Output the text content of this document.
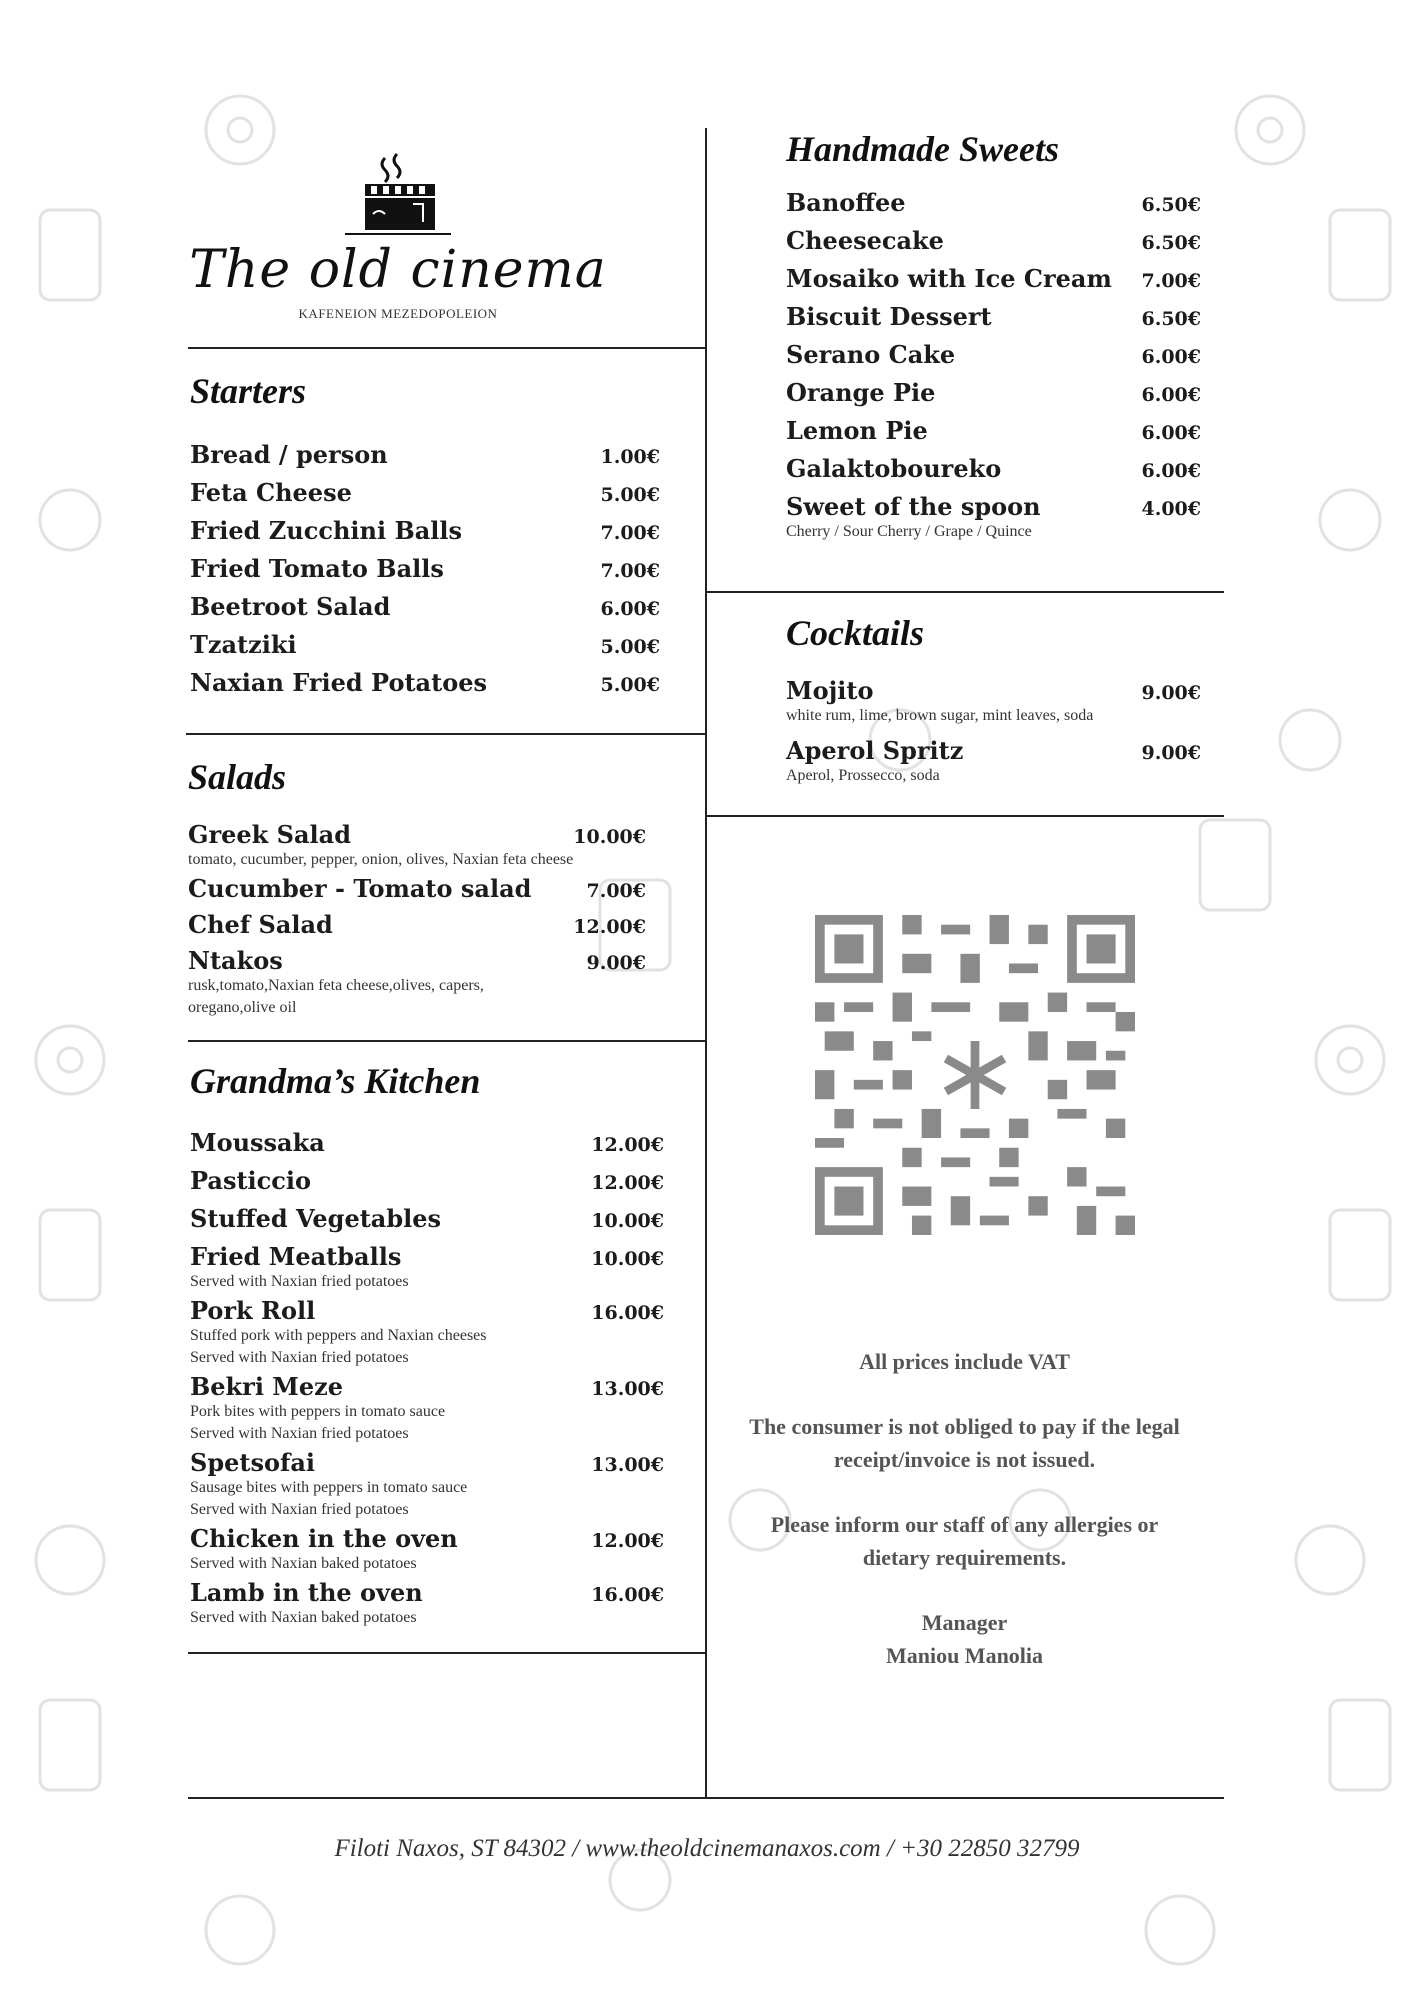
The old cinema
KAFENEION MEZEDOPOLEION
Starters
Bread / person	1.00€
Feta Cheese	5.00€
Fried Zucchini Balls	7.00€
Fried Tomato Balls	7.00€
Beetroot Salad	6.00€
Tzatziki	5.00€
Naxian Fried Potatoes	5.00€
Salads
Greek Salad	10.00€
tomato, cucumber, pepper, onion, olives, Naxian feta cheese
Cucumber - Tomato salad	7.00€
Chef Salad	12.00€
Ntakos	9.00€
rusk,tomato,Naxian feta cheese,olives, capers,
oregano,olive oil
Grandma’s Kitchen
Moussaka	12.00€
Pasticcio	12.00€
Stuffed Vegetables	10.00€
Fried Meatballs	10.00€
Served with Naxian fried potatoes
Pork Roll	16.00€
Stuffed pork with peppers and Naxian cheeses
Served with Naxian fried potatoes
Bekri Meze	13.00€
Pork bites with peppers in tomato sauce
Served with Naxian fried potatoes
Spetsofai	13.00€
Sausage bites with peppers in tomato sauce
Served with Naxian fried potatoes
Chicken in the oven	12.00€
Served with Naxian baked potatoes
Lamb in the oven	16.00€
Served with Naxian baked potatoes
Handmade Sweets
Banoffee	6.50€
Cheesecake	6.50€
Mosaiko with Ice Cream 7.00€
Biscuit Dessert	6.50€
Serano Cake	6.00€
Orange Pie	6.00€
Lemon Pie	6.00€
Galaktoboureko	6.00€
Sweet of the spoon	4.00€
Cherry / Sour Cherry / Grape / Quince
Cocktails
Mojito	9.00€
white rum, lime, brown sugar, mint leaves, soda
Aperol Spritz	9.00€
Aperol, Prossecco, soda

All prices include VAT

The consumer is not obliged to pay if the legal

receipt/invoice is not issued.

Please inform our staff of any allergies or

dietary requirements.

Manager

Maniou Manolia

Filoti Naxos, ST 84302 / www.theoldcinemanaxos.com / +30 22850 32799
